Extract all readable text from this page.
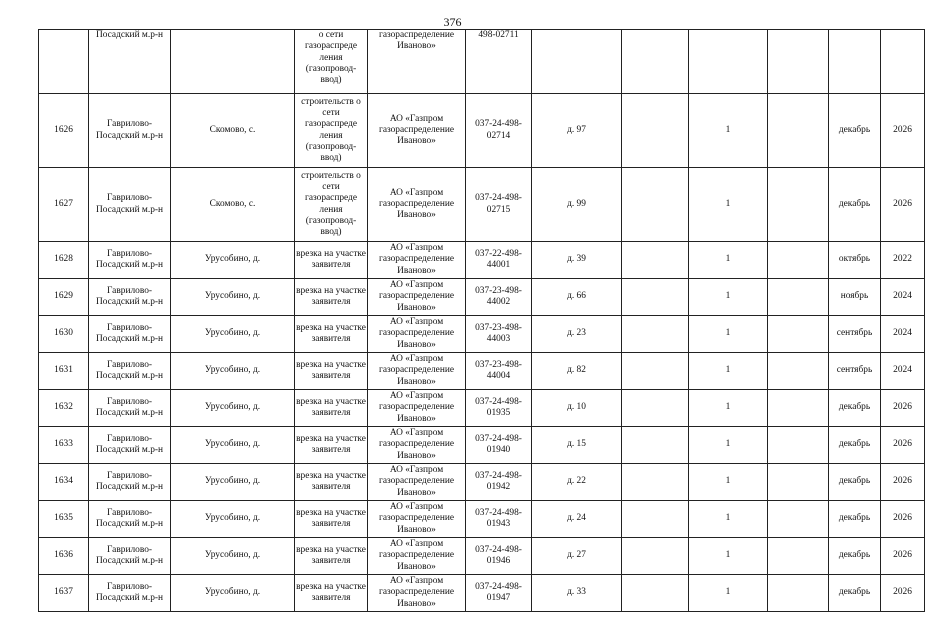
376
	Посадский м.р-н		о сети газораспреде ления (газопровод-ввод)	газораспределение Иваново»	498-02711						
1626	Гаврилово-Посадский м.р-н	Скомово, с.	строительств о сети газораспреде ления (газопровод-ввод)	АО «Газпром газораспределение Иваново»	037-24-498-02714	д. 97		1		декабрь	2026
1627	Гаврилово-Посадский м.р-н	Скомово, с.	строительств о сети газораспреде ления (газопровод-ввод)	АО «Газпром газораспределение Иваново»	037-24-498-02715	д. 99		1		декабрь	2026
1628	Гаврилово-Посадский м.р-н	Урусобино, д.	врезка на участке заявителя	АО «Газпром газораспределение Иваново»	037-22-498-44001	д. 39		1		октябрь	2022
1629	Гаврилово-Посадский м.р-н	Урусобино, д.	врезка на участке заявителя	АО «Газпром газораспределение Иваново»	037-23-498-44002	д. 66		1		ноябрь	2024
1630	Гаврилово-Посадский м.р-н	Урусобино, д.	врезка на участке заявителя	АО «Газпром газораспределение Иваново»	037-23-498-44003	д. 23		1		сентябрь	2024
1631	Гаврилово-Посадский м.р-н	Урусобино, д.	врезка на участке заявителя	АО «Газпром газораспределение Иваново»	037-23-498-44004	д. 82		1		сентябрь	2024
1632	Гаврилово-Посадский м.р-н	Урусобино, д.	врезка на участке заявителя	АО «Газпром газораспределение Иваново»	037-24-498-01935	д. 10		1		декабрь	2026
1633	Гаврилово-Посадский м.р-н	Урусобино, д.	врезка на участке заявителя	АО «Газпром газораспределение Иваново»	037-24-498-01940	д. 15		1		декабрь	2026
1634	Гаврилово-Посадский м.р-н	Урусобино, д.	врезка на участке заявителя	АО «Газпром газораспределение Иваново»	037-24-498-01942	д. 22		1		декабрь	2026
1635	Гаврилово-Посадский м.р-н	Урусобино, д.	врезка на участке заявителя	АО «Газпром газораспределение Иваново»	037-24-498-01943	д. 24		1		декабрь	2026
1636	Гаврилово-Посадский м.р-н	Урусобино, д.	врезка на участке заявителя	АО «Газпром газораспределение Иваново»	037-24-498-01946	д. 27		1		декабрь	2026
1637	Гаврилово-Посадский м.р-н	Урусобино, д.	врезка на участке заявителя	АО «Газпром газораспределение Иваново»	037-24-498-01947	д. 33		1		декабрь	2026
